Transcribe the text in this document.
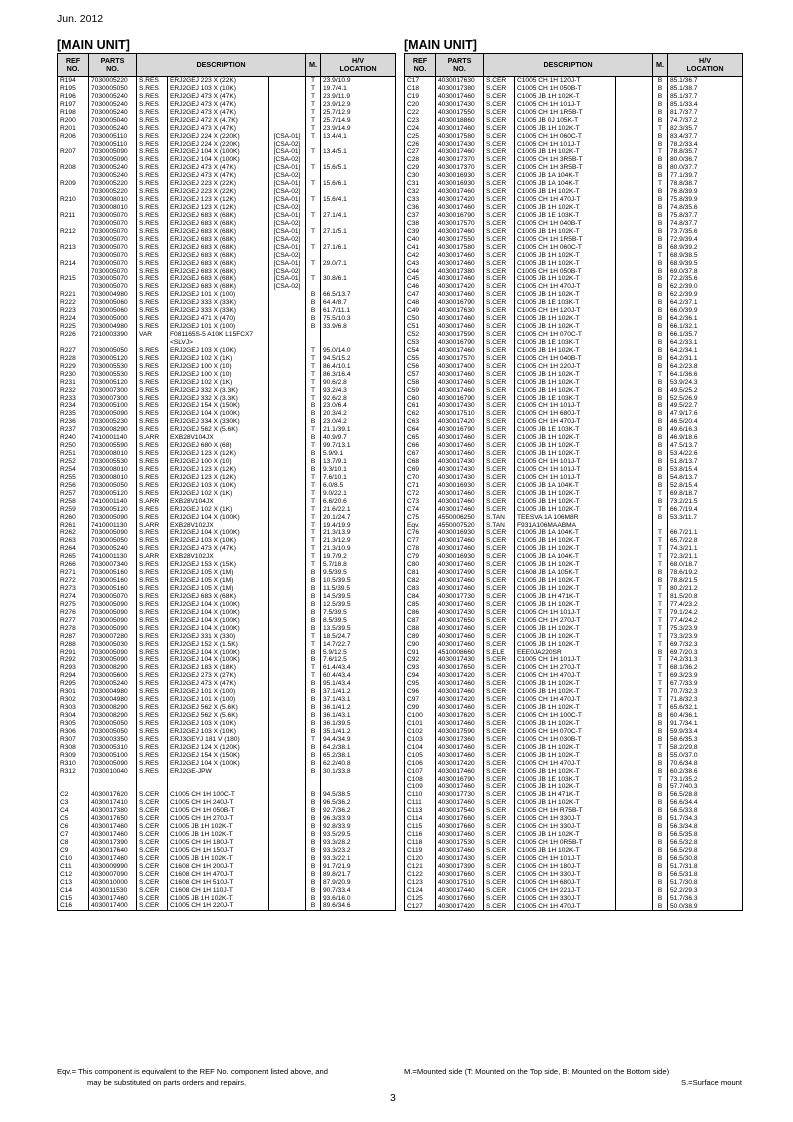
Jun. 2012
[MAIN UNIT]
REF
NO.	PARTS
NO.	DESCRIPTION			M.	H/V
LOCATION
R194	7030005220	S.RES	ERJ2GEJ 223 X (22K)		T	23.9/10.9
R195	7030005050	S.RES	ERJ2GEJ 103 X (10K)		T	19.7/4.1
R196	7030005240	S.RES	ERJ2GEJ 473 X (47K)		T	23.9/11.9
R197	7030005240	S.RES	ERJ2GEJ 473 X (47K)		T	23.9/12.9
R198	7030005240	S.RES	ERJ2GEJ 473 X (47K)		T	25.7/12.9
R200	7030005040	S.RES	ERJ2GEJ 472 X (4.7K)		T	25.7/14.9
R201	7030005240	S.RES	ERJ2GEJ 473 X (47K)		T	23.9/14.9
R206	7030005110	S.RES	ERJ2GEJ 224 X (220K)	[CSA-01]	T	13.4/4.1
	7030005110	S.RES	ERJ2GEJ 224 X (220K)	[CSA-02]		
R207	7030005090	S.RES	ERJ2GEJ 104 X (100K)	[CSA-01]	T	13.4/5.1
	7030005090	S.RES	ERJ2GEJ 104 X (100K)	[CSA-02]		
R208	7030005240	S.RES	ERJ2GEJ 473 X (47K)	[CSA-01]	T	15.6/5.1
	7030005240	S.RES	ERJ2GEJ 473 X (47K)	[CSA-02]		
R209	7030005220	S.RES	ERJ2GEJ 223 X (22K)	[CSA-01]	T	15.6/6.1
	7030005220	S.RES	ERJ2GEJ 223 X (22K)	[CSA-02]		
R210	7030008010	S.RES	ERJ2GEJ 123 X (12K)	[CSA-01]	T	15.6/4.1
	7030008010	S.RES	ERJ2GEJ 123 X (12K)	[CSA-02]		
R211	7030005070	S.RES	ERJ2GEJ 683 X (68K)	[CSA-01]	T	27.1/4.1
	7030005070	S.RES	ERJ2GEJ 683 X (68K)	[CSA-02]		
R212	7030005070	S.RES	ERJ2GEJ 683 X (68K)	[CSA-01]	T	27.1/5.1
	7030005070	S.RES	ERJ2GEJ 683 X (68K)	[CSA-02]		
R213	7030005070	S.RES	ERJ2GEJ 683 X (68K)	[CSA-01]	T	27.1/6.1
	7030005070	S.RES	ERJ2GEJ 683 X (68K)	[CSA-02]		
R214	7030005070	S.RES	ERJ2GEJ 683 X (68K)	[CSA-01]	T	29.0/7.1
	7030005070	S.RES	ERJ2GEJ 683 X (68K)	[CSA-02]		
R215	7030005070	S.RES	ERJ2GEJ 683 X (68K)	[CSA-01]	T	30.8/6.1
	7030005070	S.RES	ERJ2GEJ 683 X (68K)	[CSA-02]		
R221	7030004980	S.RES	ERJ2GEJ 101 X (100)		B	66.5/13.7
R222	7030005060	S.RES	ERJ2GEJ 333 X (33K)		B	64.4/8.7
R223	7030005060	S.RES	ERJ2GEJ 333 X (33K)		B	61.7/11.1
R224	7030005000	S.RES	ERJ2GEJ 471 X (470)		B	75.5/10.3
R225	7030004980	S.RES	ERJ2GEJ 101 X (100)		B	33.9/6.8
R226	7210003390	VAR	F081165S-5 A10K L15FCX7			
			<SLVJ>			
R227	7030005050	S.RES	ERJ2GEJ 103 X (10K)		T	95.0/14.0
R228	7030005120	S.RES	ERJ2GEJ 102 X (1K)		T	94.5/15.2
R229	7030005530	S.RES	ERJ2GEJ 100 X (10)		T	86.4/10.1
R230	7030005530	S.RES	ERJ2GEJ 100 X (10)		T	86.3/16.4
R231	7030005120	S.RES	ERJ2GEJ 102 X (1K)		T	90.6/2.8
R232	7030007300	S.RES	ERJ2GEJ 332 X (3.3K)		T	93.2/4.3
R233	7030007300	S.RES	ERJ2GEJ 332 X (3.3K)		T	92.6/2.8
R234	7030005100	S.RES	ERJ2GEJ 154 X (150K)		B	23.0/6.4
R235	7030005090	S.RES	ERJ2GEJ 104 X (100K)		B	20.3/4.2
R236	7030005230	S.RES	ERJ2GEJ 334 X (330K)		B	23.0/4.2
R237	7030008290	S.RES	ERJ2GEJ 562 X (5.6K)		T	21.1/39.1
R240	7410001140	S.ARR	EXB28V104JX		B	40.9/9.7
R250	7030005590	S.RES	ERJ2GEJ 680 X (68)		T	99.7/13.1
R251	7030008010	S.RES	ERJ2GEJ 123 X (12K)		B	5.9/9.1
R252	7030005530	S.RES	ERJ2GEJ 100 X (10)		B	13.7/9.1
R254	7030008010	S.RES	ERJ2GEJ 123 X (12K)		B	9.3/10.1
R255	7030008010	S.RES	ERJ2GEJ 123 X (12K)		T	7.6/10.1
R256	7030005050	S.RES	ERJ2GEJ 103 X (10K)		T	6.0/8.5
R257	7030005120	S.RES	ERJ2GEJ 102 X (1K)		T	9.0/22.1
R258	7410001140	S.ARR	EXB28V104JX		T	6.6/20.6
R259	7030005120	S.RES	ERJ2GEJ 102 X (1K)		T	21.6/22.1
R260	7030005090	S.RES	ERJ2GEJ 104 X (100K)		T	20.1/24.7
R261	7410001130	S.ARR	EXB28V102JX		T	19.4/19.9
R262	7030005090	S.RES	ERJ2GEJ 104 X (100K)		T	21.3/13.9
R263	7030005050	S.RES	ERJ2GEJ 103 X (10K)		T	21.3/12.9
R264	7030005240	S.RES	ERJ2GEJ 473 X (47K)		T	21.3/10.9
R265	7410001130	S.ARR	EXB28V102JX		T	19.7/9.2
R266	7030007340	S.RES	ERJ2GEJ 153 X (15K)		T	5.7/18.8
R271	7030005160	S.RES	ERJ2GEJ 105 X (1M)		B	9.5/39.5
R272	7030005160	S.RES	ERJ2GEJ 105 X (1M)		B	10.5/39.5
R273	7030005160	S.RES	ERJ2GEJ 105 X (1M)		B	11.5/39.5
R274	7030005070	S.RES	ERJ2GEJ 683 X (68K)		B	14.5/39.5
R275	7030005090	S.RES	ERJ2GEJ 104 X (100K)		B	12.5/39.5
R276	7030005090	S.RES	ERJ2GEJ 104 X (100K)		B	7.5/39.5
R277	7030005090	S.RES	ERJ2GEJ 104 X (100K)		B	8.5/39.5
R278	7030005090	S.RES	ERJ2GEJ 104 X (100K)		B	13.5/39.5
R287	7030007280	S.RES	ERJ2GEJ 331 X (330)		T	18.5/24.7
R288	7030005030	S.RES	ERJ2GEJ 152 X (1.5K)		T	14.7/22.7
R291	7030005090	S.RES	ERJ2GEJ 104 X (100K)		B	5.9/12.5
R292	7030005090	S.RES	ERJ2GEJ 104 X (100K)		B	7.6/12.5
R293	7030008290	S.RES	ERJ2GEJ 183 X (18K)		T	61.4/43.4
R294	7030005600	S.RES	ERJ2GEJ 273 X (27K)		T	60.4/43.4
R295	7030005240	S.RES	ERJ2GEJ 473 X (47K)		B	95.1/43.4
R301	7030004980	S.RES	ERJ2GEJ 101 X (100)		B	37.1/41.2
R302	7030004980	S.RES	ERJ2GEJ 101 X (100)		B	37.1/43.1
R303	7030008290	S.RES	ERJ2GEJ 562 X (5.6K)		B	36.1/41.2
R304	7030008290	S.RES	ERJ2GEJ 562 X (5.6K)		B	36.1/43.1
R305	7030005050	S.RES	ERJ2GEJ 103 X (10K)		B	36.1/39.5
R306	7030005050	S.RES	ERJ2GEJ 103 X (10K)		B	35.1/41.2
R307	7030003350	S.RES	ERJ3GEYJ 181 V (180)		T	94.4/34.9
R308	7030005310	S.RES	ERJ2GEJ 124 X (120K)		B	64.2/38.1
R309	7030005100	S.RES	ERJ2GEJ 154 X (150K)		B	65.2/38.1
R310	7030005090	S.RES	ERJ2GEJ 104 X (100K)		B	62.2/40.8
R312	7030010040	S.RES	ERJ2GE-JPW		B	30.1/33.8

C2	4030017620	S.CER	C1005 CH 1H 100C-T		B	94.5/38.5
C3	4030017410	S.CER	C1005 CH 1H 240J-T		B	96.5/36.2
C4	4030017380	S.CER	C1005 CH 1H 050B-T		B	92.7/36.2
C5	4030017650	S.CER	C1005 CH 1H 270J-T		B	96.3/33.9
C6	4030017460	S.CER	C1005 JB 1H 102K-T		B	92.8/33.9
C7	4030017460	S.CER	C1005 JB 1H 102K-T		B	93.5/29.5
C8	4030017390	S.CER	C1005 CH 1H 180J-T		B	93.3/28.2
C9	4030017640	S.CER	C1005 CH 1H 150J-T		B	93.3/23.2
C10	4030017460	S.CER	C1005 JB 1H 102K-T		B	93.3/22.1
C11	4030009990	S.CER	C1608 CH 1H 200J-T		B	91.7/21.9
C12	4030007090	S.CER	C1608 CH 1H 470J-T		B	89.8/21.7
C13	4030010000	S.CER	C1608 CH 1H 510J-T		B	87.9/20.9
C14	4030011530	S.CER	C1608 CH 1H 110J-T		B	90.7/33.4
C15	4030017460	S.CER	C1005 JB 1H 102K-T		B	93.6/16.0
C16	4030017400	S.CER	C1005 CH 1H 220J-T		B	89.6/34.6
[MAIN UNIT]
REF
NO.	PARTS
NO.	DESCRIPTION			M.	H/V
LOCATION
C17	4030017630	S.CER	C1005 CH 1H 120J-T		B	85.1/36.7
C18	4030017380	S.CER	C1005 CH 1H 050B-T		B	85.1/38.7
C19	4030017460	S.CER	C1005 JB 1H 102K-T		B	85.1/37.7
C20	4030017430	S.CER	C1005 CH 1H 101J-T		B	85.1/33.4
C22	4030017550	S.CER	C1005 CH 1H 1R5B-T		B	81.7/37.7
C23	4030018860	S.CER	C1005 JB 0J 105K-T		B	74.7/37.2
C24	4030017460	S.CER	C1005 JB 1H 102K-T		T	82.3/35.7
C25	4030017580	S.CER	C1005 CH 1H 060C-T		B	83.4/37.7
C26	4030017430	S.CER	C1005 CH 1H 101J-T		B	78.2/33.4
C27	4030017460	S.CER	C1005 JB 1H 102K-T		T	78.8/35.7
C28	4030017370	S.CER	C1005 CH 1H 3R5B-T		B	80.0/36.7
C29	4030017370	S.CER	C1005 CH 1H 3R5B-T		B	80.0/37.7
C30	4030016930	S.CER	C1005 JB 1A 104K-T		B	77.1/39.7
C31	4030016930	S.CER	C1005 JB 1A 104K-T		T	78.8/38.7
C32	4030017460	S.CER	C1005 JB 1H 102K-T		B	76.8/39.9
C33	4030017420	S.CER	C1005 CH 1H 470J-T		B	75.8/39.9
C36	4030017460	S.CER	C1005 JB 1H 102K-T		B	74.8/35.6
C37	4030016790	S.CER	C1005 JB 1E 103K-T		B	75.8/37.7
C38	4030017570	S.CER	C1005 CH 1H 040B-T		B	74.8/37.7
C39	4030017460	S.CER	C1005 JB 1H 102K-T		B	73.7/35.6
C40	4030017550	S.CER	C1005 CH 1H 1R5B-T		B	72.9/39.4
C41	4030017580	S.CER	C1005 CH 1H 060C-T		B	68.9/39.2
C42	4030017460	S.CER	C1005 JB 1H 102K-T		T	68.9/38.5
C43	4030017460	S.CER	C1005 JB 1H 102K-T		B	68.9/39.5
C44	4030017380	S.CER	C1005 CH 1H 050B-T		B	69.0/37.8
C45	4030017460	S.CER	C1005 JB 1H 102K-T		B	72.2/35.6
C46	4030017420	S.CER	C1005 CH 1H 470J-T		B	62.2/39.0
C47	4030017460	S.CER	C1005 JB 1H 102K-T		B	62.2/39.9
C48	4030016790	S.CER	C1005 JB 1E 103K-T		B	64.2/37.1
C49	4030017630	S.CER	C1005 CH 1H 120J-T		B	66.0/39.9
C50	4030017460	S.CER	C1005 JB 1H 102K-T		B	64.2/36.1
C51	4030017460	S.CER	C1005 JB 1H 102K-T		B	66.1/32.1
C52	4030017590	S.CER	C1005 CH 1H 070C-T		B	66.1/35.7
C53	4030016790	S.CER	C1005 JB 1E 103K-T		B	64.2/33.1
C54	4030017460	S.CER	C1005 JB 1H 102K-T		B	64.2/34.1
C55	4030017570	S.CER	C1005 CH 1H 040B-T		B	64.2/31.1
C56	4030017400	S.CER	C1005 CH 1H 220J-T		B	64.2/23.8
C57	4030017460	S.CER	C1005 JB 1H 102K-T		T	64.1/36.6
C58	4030017460	S.CER	C1005 JB 1H 102K-T		B	53.9/24.3
C59	4030017460	S.CER	C1005 JB 1H 102K-T		B	49.5/25.2
C60	4030016790	S.CER	C1005 JB 1E 103K-T		B	52.5/26.9
C61	4030017430	S.CER	C1005 CH 1H 101J-T		B	49.5/22.7
C62	4030017510	S.CER	C1005 CH 1H 680J-T		B	47.9/17.6
C63	4030017420	S.CER	C1005 CH 1H 470J-T		B	46.5/20.4
C64	4030016790	S.CER	C1005 JB 1E 103K-T		B	49.6/16.3
C65	4030017460	S.CER	C1005 JB 1H 102K-T		B	46.9/18.6
C66	4030017460	S.CER	C1005 JB 1H 102K-T		B	47.5/13.7
C67	4030017460	S.CER	C1005 JB 1H 102K-T		B	53.4/22.6
C68	4030017430	S.CER	C1005 CH 1H 101J-T		B	51.8/13.7
C69	4030017430	S.CER	C1005 CH 1H 101J-T		B	53.8/15.4
C70	4030017430	S.CER	C1005 CH 1H 101J-T		B	54.8/13.7
C71	4030016930	S.CER	C1005 JB 1A 104K-T		B	52.8/15.4
C72	4030017460	S.CER	C1005 JB 1H 102K-T		T	69.8/18.7
C73	4030017460	S.CER	C1005 JB 1H 102K-T		B	73.2/21.5
C74	4030017460	S.CER	C1005 JB 1H 102K-T		T	66.7/19.4
C75	4550006250	S.TAN	TEESVA 1A 106M8R		B	53.3/11.7
Eqv.	4550007520	S.TAN	F931A106MAABMA			
C76	4030016930	S.CER	C1005 JB 1A 104K-T		T	66.7/21.1
C77	4030017460	S.CER	C1005 JB 1H 102K-T		T	65.7/22.8
C78	4030017460	S.CER	C1005 JB 1H 102K-T		T	74.3/21.1
C79	4030016930	S.CER	C1005 JB 1A 104K-T		T	72.3/21.1
C80	4030017460	S.CER	C1005 JB 1H 102K-T		T	68.0/18.7
C81	4030017490	S.CER	C1608 JB 1A 105K-T		B	78.6/19.2
C82	4030017460	S.CER	C1005 JB 1H 102K-T		B	78.8/21.5
C83	4030017460	S.CER	C1005 JB 1H 102K-T		T	80.2/21.2
C84	4030017730	S.CER	C1005 JB 1H 471K-T		T	81.5/20.8
C85	4030017460	S.CER	C1005 JB 1H 102K-T		T	77.4/23.2
C86	4030017430	S.CER	C1005 CH 1H 101J-T		T	79.1/24.2
C87	4030017650	S.CER	C1005 CH 1H 270J-T		T	77.4/24.2
C88	4030017460	S.CER	C1005 JB 1H 102K-T		T	75.3/23.9
C89	4030017460	S.CER	C1005 JB 1H 102K-T		T	73.3/23.9
C90	4030017460	S.CER	C1005 JB 1H 102K-T		T	69.7/32.3
C91	4510008660	S.ELE	EEE0JA220SR		B	69.7/20.3
C92	4030017430	S.CER	C1005 CH 1H 101J-T		T	74.2/31.3
C93	4030017650	S.CER	C1005 CH 1H 270J-T		T	68.1/36.2
C94	4030017420	S.CER	C1005 CH 1H 470J-T		T	69.3/23.9
C95	4030017460	S.CER	C1005 JB 1H 102K-T		T	67.7/33.9
C96	4030017460	S.CER	C1005 JB 1H 102K-T		T	70.7/32.3
C97	4030017420	S.CER	C1005 CH 1H 470J-T		T	71.8/32.3
C99	4030017460	S.CER	C1005 JB 1H 102K-T		T	65.6/32.1
C100	4030017620	S.CER	C1005 CH 1H 100C-T		B	60.4/36.1
C101	4030017460	S.CER	C1005 JB 1H 102K-T		B	91.7/34.1
C102	4030017590	S.CER	C1005 CH 1H 070C-T		B	59.9/33.4
C103	4030017360	S.CER	C1005 CH 1H 030B-T		B	58.6/35.3
C104	4030017460	S.CER	C1005 JB 1H 102K-T		T	58.2/29.8
C105	4030017460	S.CER	C1005 JB 1H 102K-T		B	55.0/37.0
C106	4030017420	S.CER	C1005 CH 1H 470J-T		B	70.6/34.8
C107	4030017460	S.CER	C1005 JB 1H 102K-T		B	60.2/38.6
C108	4030016790	S.CER	C1005 JB 1E 103K-T		T	73.1/35.2
C109	4030017460	S.CER	C1005 JB 1H 102K-T		B	57.7/40.3
C110	4030017730	S.CER	C1005 JB 1H 471K-T		B	56.5/28.8
C111	4030017460	S.CER	C1005 JB 1H 102K-T		B	56.6/34.4
C113	4030017540	S.CER	C1005 CH 1H R75B-T		B	56.5/33.8
C114	4030017660	S.CER	C1005 CH 1H 330J-T		B	51.7/34.3
C115	4030017660	S.CER	C1005 CH 1H 330J-T		B	56.3/34.8
C116	4030017460	S.CER	C1005 JB 1H 102K-T		B	56.5/35.8
C118	4030017530	S.CER	C1005 CH 1H 0R5B-T		B	56.5/32.8
C119	4030017460	S.CER	C1005 JB 1H 102K-T		B	56.5/29.8
C120	4030017430	S.CER	C1005 CH 1H 101J-T		B	56.5/30.8
C121	4030017390	S.CER	C1005 CH 1H 180J-T		B	51.7/31.8
C122	4030017660	S.CER	C1005 CH 1H 330J-T		B	56.5/31.8
C123	4030017510	S.CER	C1005 CH 1H 680J-T		B	51.7/30.8
C124	4030017440	S.CER	C1005 CH 1H 221J-T		B	52.2/29.3
C125	4030017660	S.CER	C1005 CH 1H 330J-T		B	51.7/36.3
C127	4030017420	S.CER	C1005 CH 1H 470J-T		B	50.0/38.9
Eqv.= This component is equivalent to the REF No. component listed above, and
may be substituted on parts orders and repairs.
M.=Mounted side (T: Mounted on the Top side, B: Mounted on the Bottom side)
S.=Surface mount
3
